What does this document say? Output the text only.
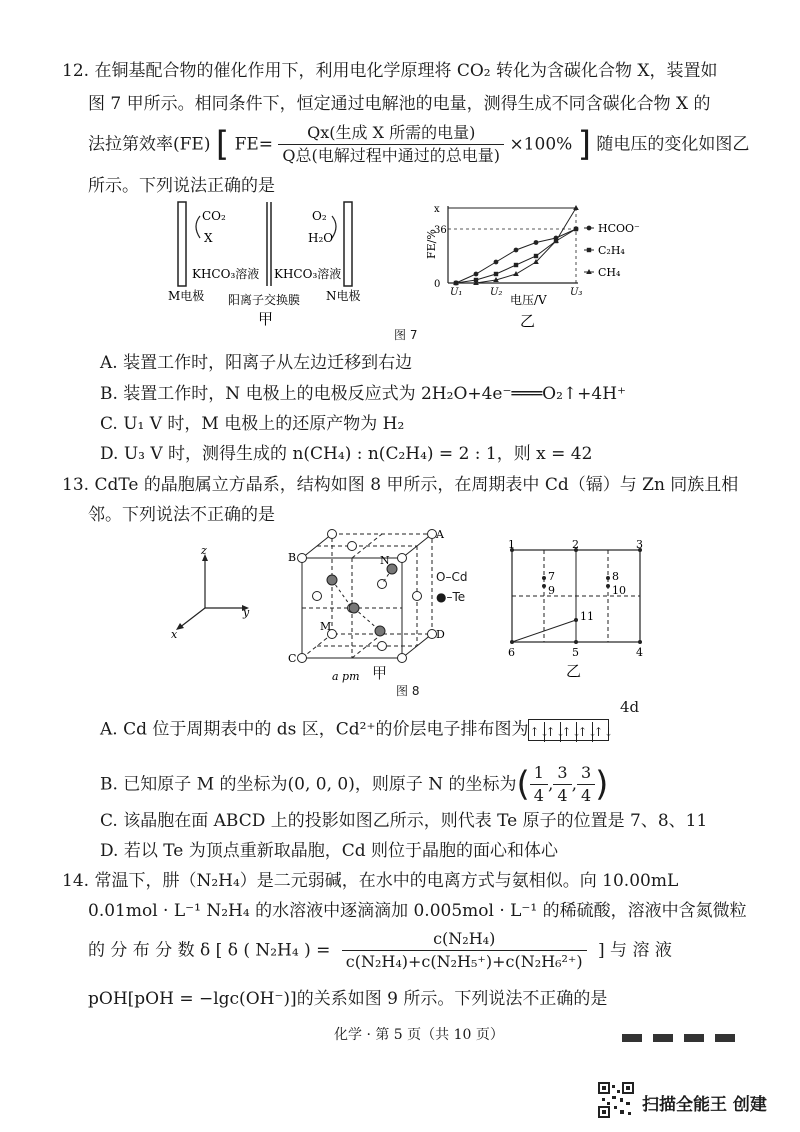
12. 在铜基配合物的催化作用下，利用电化学原理将 CO₂ 转化为含碳化合物 X，装置如
图 7 甲所示。相同条件下，恒定通过电解池的电量，测得生成不同含碳化合物 X 的
法拉第效率(FE) [ $FE= \frac{\text{Qx(生成 X 所需的电量)}}{\text{Q总(电解过程中通过的总电量)}} \times 100\%$ ] 随电压的变化如图乙
所示。下列说法正确的是
CO₂
X
O₂
H₂O
KHCO₃溶液 KHCO₃溶液
M电极 阳离子交换膜 N电极
甲
图 7
FE/%
电压/V
乙
0
36
x
U₁	U₂	U₃
HCOO⁻
C₂H₄
CH₄
A. 装置工作时，阳离子从左边迁移到右边
B. 装置工作时，N 电极上的电极反应式为 2H₂O+4e⁻═══O₂↑+4H⁺
C. U₁ V 时，M 电极上的还原产物为 H₂
D. U₃ V 时，测得生成的 n(CH₄) : n(C₂H₄) = 2 : 1，则 x = 42
13. CdTe 的晶胞属立方晶系，结构如图 8 甲所示，在周期表中 Cd（镉）与 Zn 同族且相
邻。下列说法不正确的是
z
y
x
B
A
C
D
M
N
a pm
O–Cd
●–Te
甲
图 8
1	2	3
4
5
6
7	8
9	10
11
乙
4d
A. Cd 位于周期表中的 ds 区，Cd²⁺的价层电子排布图为↑↓↑↓↑↓↑↓↑↓
B. 已知原子 M 的坐标为(0, 0, 0)，则原子 N 的坐标为( $\frac{1}{4}$ , $\frac{3}{4}$ , $\frac{3}{4}$ )
C. 该晶胞在面 ABCD 上的投影如图乙所示，则代表 Te 原子的位置是 7、8、11
D. 若以 Te 为顶点重新取晶胞，Cd 则位于晶胞的面心和体心
14. 常温下，肼（N₂H₄）是二元弱碱，在水中的电离方式与氨相似。向 10.00mL
0.01mol · L⁻¹ N₂H₄ 的水溶液中逐滴滴加 0.005mol · L⁻¹ 的稀硫酸，溶液中含氮微粒
的 分 布 分 数 δ [ δ ( N₂H₄ ) = $\frac{\text{c(N₂H₄)}}{\text{c(N₂H₄)+c(N₂H₅⁺)+c(N₂H₆²⁺)}}$ ] 与 溶 液
pOH[pOH = −lgc(OH⁻)]的关系如图 9 所示。下列说法不正确的是
化学 · 第 5 页（共 10 页）
扫描全能王 创建
